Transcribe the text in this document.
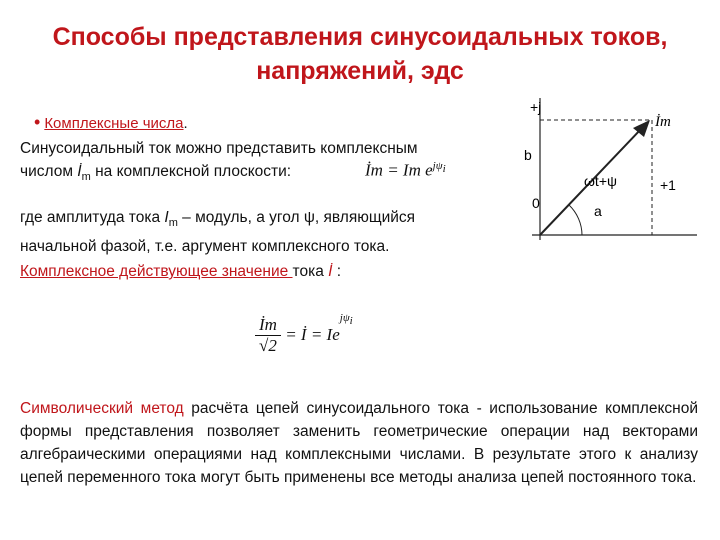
Способы представления синусоидальных токов,
напряжений, эдс
• Комплексные числа.
Синусоидальный ток можно представить комплексным
числом $İ_m$ на комплексной плоскости:	İm = Im $e^{j\psi_i}$
где амплитуда тока $I_m$ – модуль, а угол ψ, являющийся
начальной фазой, т.е. аргумент комплексного тока.
Комплексное действующее значение тока İ :
$\frac{İm}{√2}$ = İ = $Ie^{j\psi_i}$
+j
+1
0
b
a
ωt+ψ
İm
Символический метод расчёта цепей синусоидального тока - использование комплексной формы представления позволяет заменить геометрические операции над векторами алгебраическими операциями над комплексными числами. В результате этого к анализу цепей переменного тока могут быть применены все методы анализа цепей постоянного тока.
